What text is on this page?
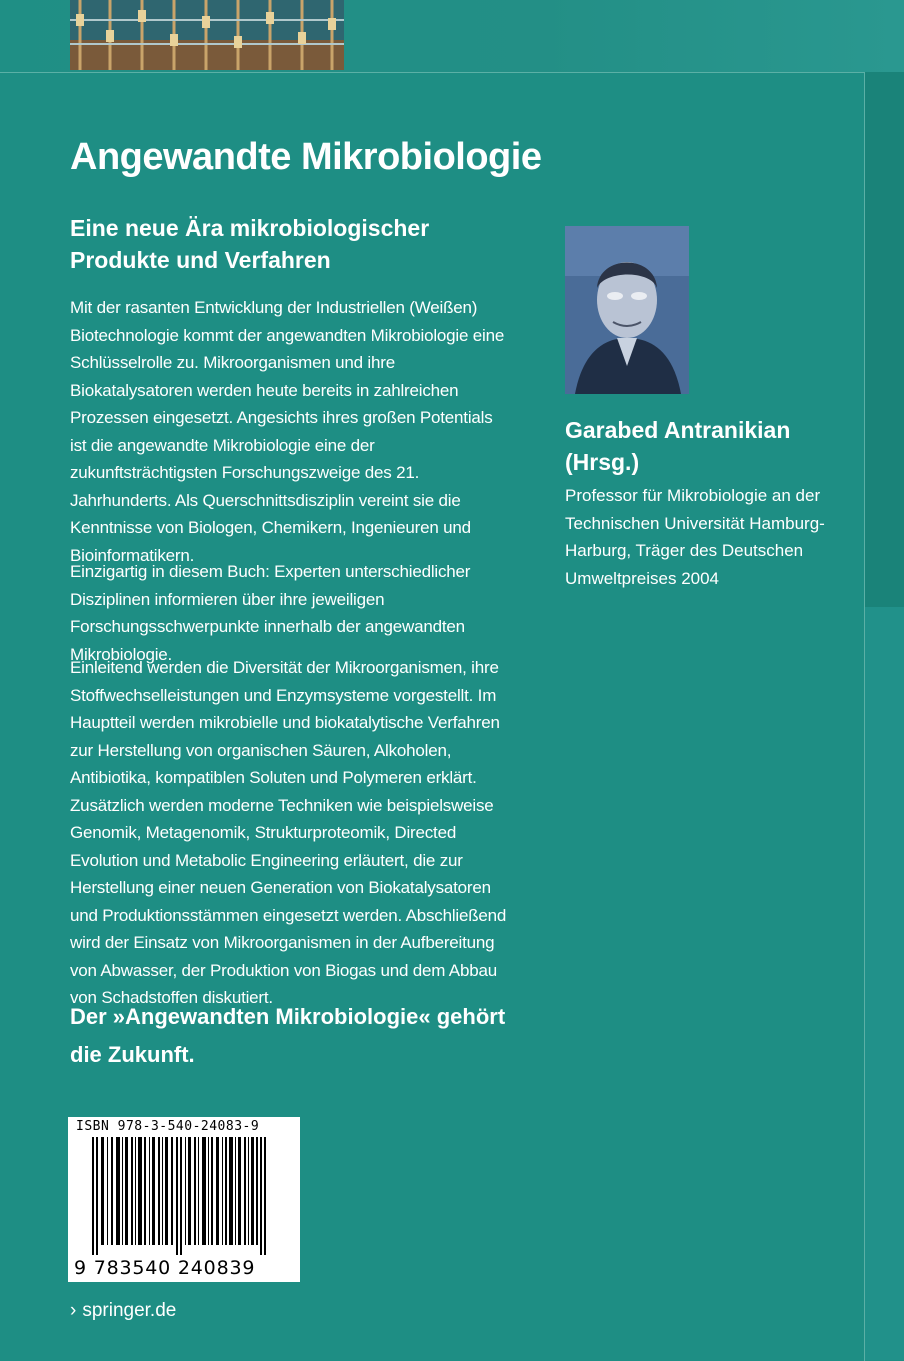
Angewandte Mikrobiologie
Eine neue Ära mikrobiologischer Produkte und Verfahren

Mit der rasanten Entwicklung der Industriellen (Weißen) Biotechnologie kommt der angewandten Mikrobiologie eine Schlüsselrolle zu. Mikroorganismen und ihre Biokatalysatoren werden heute bereits in zahlreichen Prozessen eingesetzt. Angesichts ihres großen Potentials ist die angewandte Mikrobiologie eine der zukunftsträchtigsten Forschungszweige des 21. Jahrhunderts. Als Querschnittsdisziplin vereint sie die Kenntnisse von Biologen, Chemikern, Ingenieuren und Bioinformatikern.

Einzigartig in diesem Buch: Experten unterschiedlicher Disziplinen informieren über ihre jeweiligen Forschungsschwerpunkte innerhalb der angewandten Mikrobiologie.

Einleitend werden die Diversität der Mikroorganismen, ihre Stoffwechselleistungen und Enzymsysteme vorgestellt. Im Hauptteil werden mikrobielle und biokatalytische Verfahren zur Herstellung von organischen Säuren, Alkoholen, Antibiotika, kompatiblen Soluten und Polymeren erklärt. Zusätzlich werden moderne Techniken wie beispielsweise Genomik, Metagenomik, Strukturproteomik, Directed Evolution und Metabolic Engineering erläutert, die zur Herstellung einer neuen Generation von Biokatalysatoren und Produktionsstämmen eingesetzt werden. Abschließend wird der Einsatz von Mikroorganismen in der Aufbereitung von Abwasser, der Produktion von Biogas und dem Abbau von Schadstoffen diskutiert.

Der »Angewandten Mikrobiologie« gehört die Zukunft.

Garabed Antranikian (Hrsg.)

Professor für Mikrobiologie an der Technischen Universität Hamburg-Harburg, Träger des Deutschen Umweltpreises 2004

ISBN 978-3-540-24083-9
9 783540 240839
› springer.de
